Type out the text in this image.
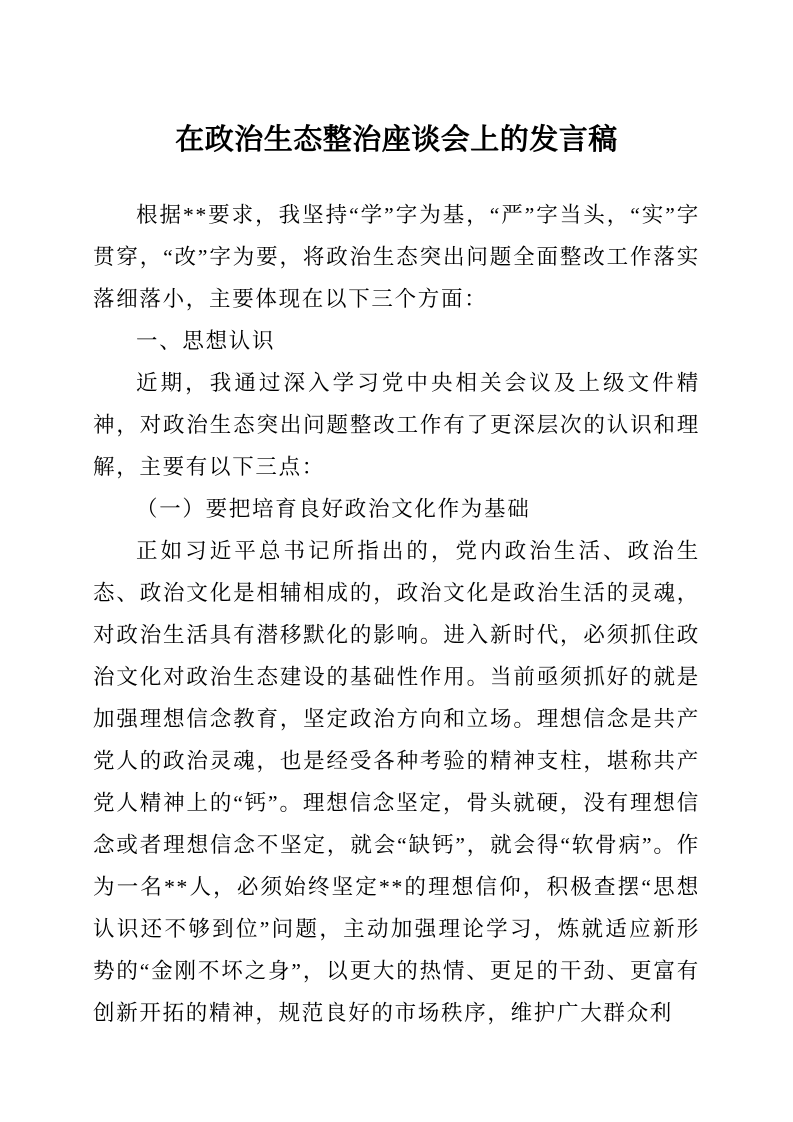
在政治生态整治座谈会上的发言稿

根据**要求，我坚持“学”字为基，“严”字当头，“实”字贯穿，“改”字为要，将政治生态突出问题全面整改工作落实落细落小，主要体现在以下三个方面：

一、思想认识

近期，我通过深入学习党中央相关会议及上级文件精神，对政治生态突出问题整改工作有了更深层次的认识和理解，主要有以下三点：

（一）要把培育良好政治文化作为基础

正如习近平总书记所指出的，党内政治生活、政治生态、政治文化是相辅相成的，政治文化是政治生活的灵魂，对政治生活具有潜移默化的影响。进入新时代，必须抓住政治文化对政治生态建设的基础性作用。当前亟须抓好的就是加强理想信念教育，坚定政治方向和立场。理想信念是共产党人的政治灵魂，也是经受各种考验的精神支柱，堪称共产党人精神上的“钙”。理想信念坚定，骨头就硬，没有理想信念或者理想信念不坚定，就会“缺钙”，就会得“软骨病”。作为一名**人，必须始终坚定**的理想信仰，积极查摆“思想认识还不够到位”问题，主动加强理论学习，炼就适应新形势的“金刚不坏之身”，以更大的热情、更足的干劲、更富有创新开拓的精神，规范良好的市场秩序，维护广大群众利
